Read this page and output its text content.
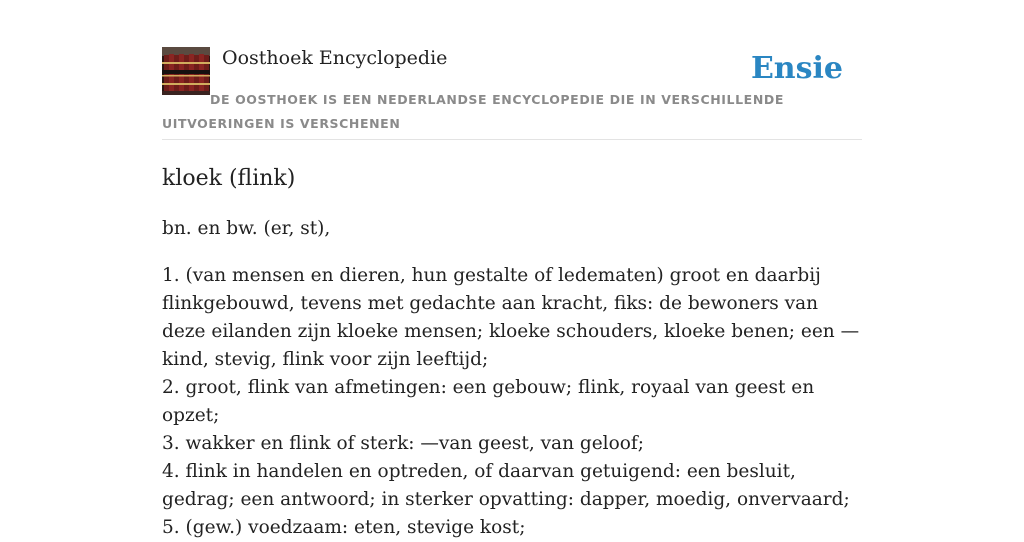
Oosthoek Encyclopedie	Ensie
DE OOSTHOEK IS EEN NEDERLANDSE ENCYCLOPEDIE DIE IN VERSCHILLENDE UITVOERINGEN IS VERSCHENEN
kloek (flink)

bn. en bw. (er, st),

1. (van mensen en dieren, hun gestalte of ledematen) groot en daarbij flinkgebouwd, tevens met gedachte aan kracht, fiks: de bewoners van deze eilanden zijn kloeke mensen; kloeke schouders, kloeke benen; een — kind, stevig, flink voor zijn leeftijd;
2. groot, flink van afmetingen: een gebouw; flink, royaal van geest en opzet;
3. wakker en flink of sterk: —van geest, van geloof;
4. flink in handelen en optreden, of daarvan getuigend: een besluit, gedrag; een antwoord; in sterker opvatting: dapper, moedig, onvervaard;
5. (gew.) voedzaam: eten, stevige kost;
